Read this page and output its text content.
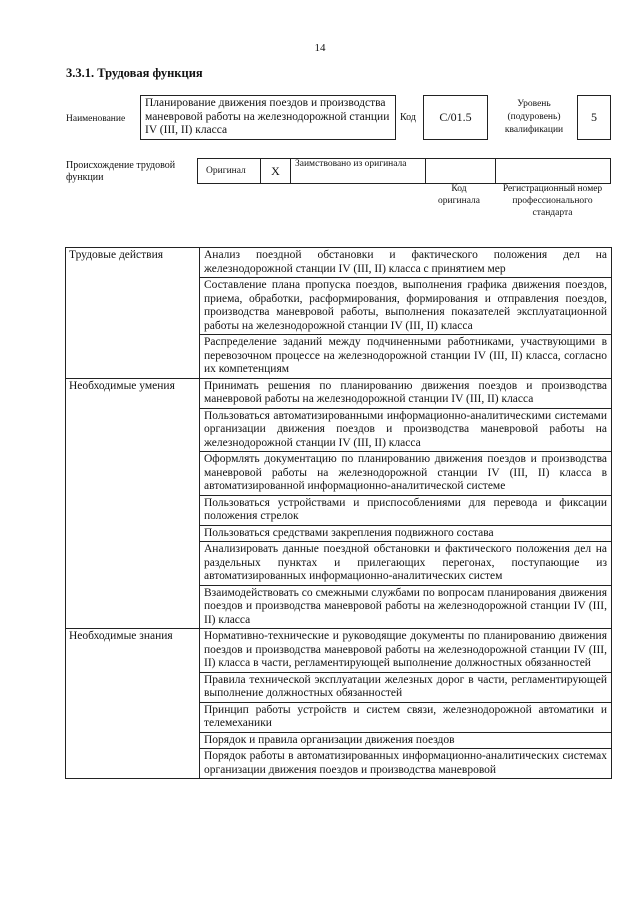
14
3.3.1. Трудовая функция
Наименование
Планирование движения поездов и производства маневровой работы на железнодорожной станции IV (III, II) класса
Код	С/01.5
Уровень (подуровень) квалификации
5
Происхождение трудовой функции
Оригинал	X	Заимствовано из оригинала
Код оригинала
Регистрационный номер профессионального стандарта
Трудовые действия	Анализ поездной обстановки и фактического положения дел на железнодорожной станции IV (III, II) класса с принятием мер
	Составление плана пропуска поездов, выполнения графика движения поездов, приема, обработки, расформирования, формирования и отправления поездов, производства маневровой работы, выполнения показателей эксплуатационной работы на железнодорожной станции IV (III, II) класса
	Распределение заданий между подчиненными работниками, участвующими в перевозочном процессе на железнодорожной станции IV (III, II) класса, согласно их компетенциям
Необходимые умения	Принимать решения по планированию движения поездов и производства маневровой работы на железнодорожной станции IV (III, II) класса
	Пользоваться автоматизированными информационно-аналитическими системами организации движения поездов и производства маневровой работы на железнодорожной станции IV (III, II) класса
	Оформлять документацию по планированию движения поездов и производства маневровой работы на железнодорожной станции IV (III, II) класса в автоматизированной информационно-аналитической системе
	Пользоваться устройствами и приспособлениями для перевода и фиксации положения стрелок
	Пользоваться средствами закрепления подвижного состава
	Анализировать данные поездной обстановки и фактического положения дел на раздельных пунктах и прилегающих перегонах, поступающие из автоматизированных информационно-аналитических систем
	Взаимодействовать со смежными службами по вопросам планирования движения поездов и производства маневровой работы на железнодорожной станции IV (III, II) класса
Необходимые знания	Нормативно-технические и руководящие документы по планированию движения поездов и производства маневровой работы на железнодорожной станции IV (III, II) класса в части, регламентирующей выполнение должностных обязанностей
	Правила технической эксплуатации железных дорог в части, регламентирующей выполнение должностных обязанностей
	Принцип работы устройств и систем связи, железнодорожной автоматики и телемеханики
	Порядок и правила организации движения поездов
	Порядок работы в автоматизированных информационно-аналитических системах организации движения поездов и производства маневровой
